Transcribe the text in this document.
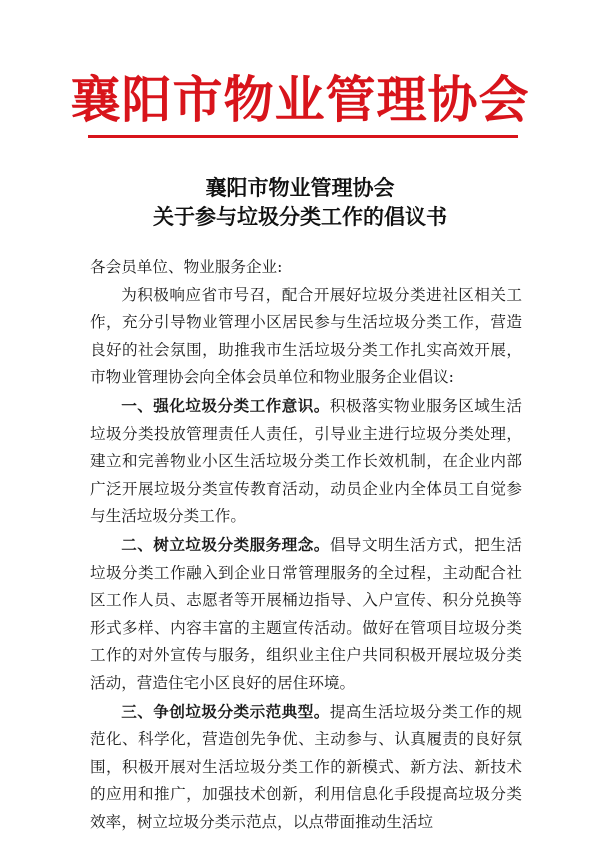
襄阳市物业管理协会
襄阳市物业管理协会
关于参与垃圾分类工作的倡议书

各会员单位、物业服务企业:

为积极响应省市号召，配合开展好垃圾分类进社区相关工作，充分引导物业管理小区居民参与生活垃圾分类工作，营造良好的社会氛围，助推我市生活垃圾分类工作扎实高效开展，市物业管理协会向全体会员单位和物业服务企业倡议:

一、强化垃圾分类工作意识。积极落实物业服务区域生活垃圾分类投放管理责任人责任，引导业主进行垃圾分类处理，建立和完善物业小区生活垃圾分类工作长效机制，在企业内部广泛开展垃圾分类宣传教育活动，动员企业内全体员工自觉参与生活垃圾分类工作。

二、树立垃圾分类服务理念。倡导文明生活方式，把生活垃圾分类工作融入到企业日常管理服务的全过程，主动配合社区工作人员、志愿者等开展桶边指导、入户宣传、积分兑换等形式多样、内容丰富的主题宣传活动。做好在管项目垃圾分类工作的对外宣传与服务，组织业主住户共同积极开展垃圾分类活动，营造住宅小区良好的居住环境。

三、争创垃圾分类示范典型。提高生活垃圾分类工作的规范化、科学化，营造创先争优、主动参与、认真履责的良好氛围，积极开展对生活垃圾分类工作的新模式、新方法、新技术的应用和推广，加强技术创新，利用信息化手段提高垃圾分类效率，树立垃圾分类示范点，以点带面推动生活垃
